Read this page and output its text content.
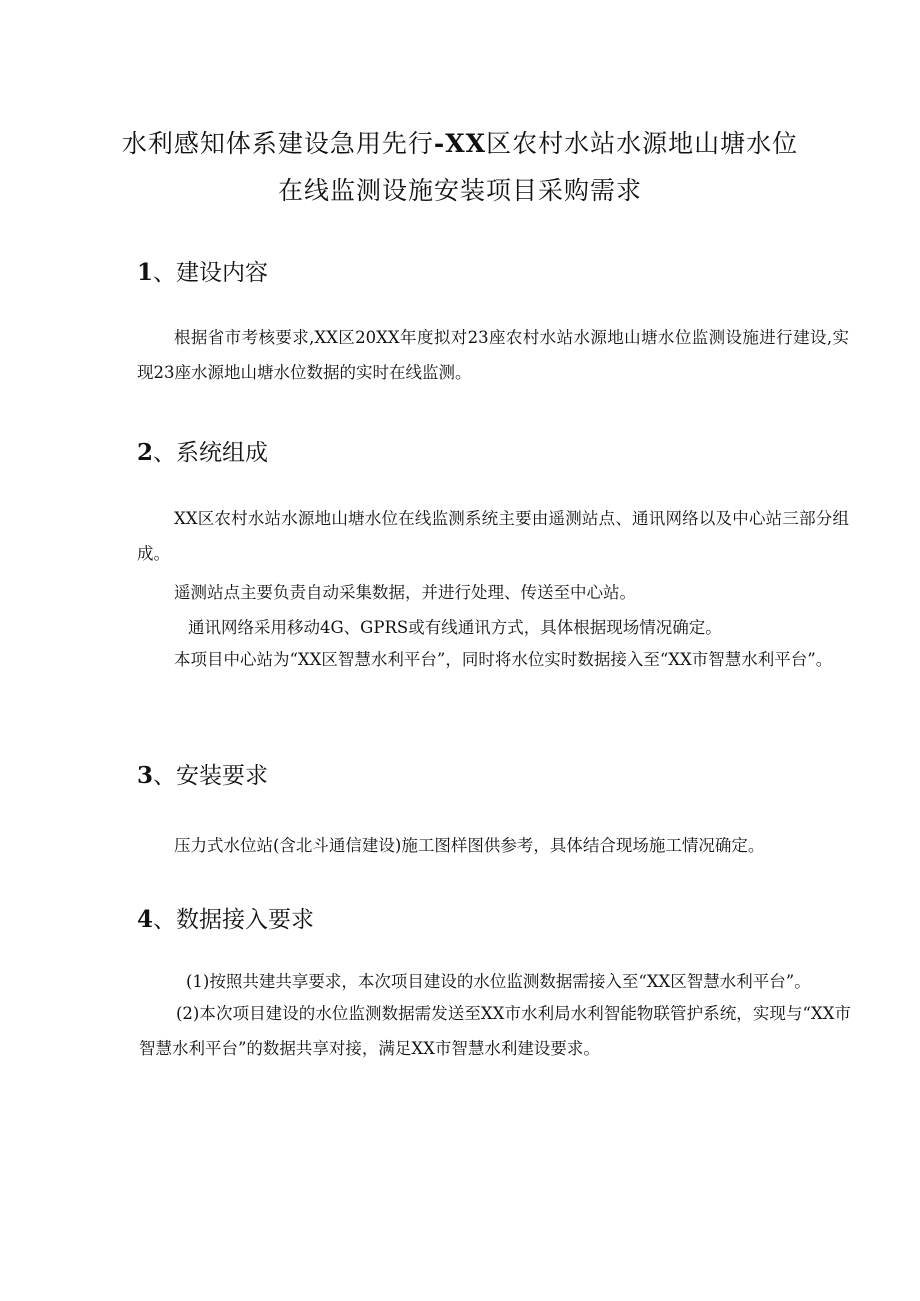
水利感知体系建设急用先行-XX区农村水站水源地山塘水位
在线监测设施安装项目采购需求
1、建设内容
根据省市考核要求,XX区20XX年度拟对23座农村水站水源地山塘水位监测设施进行建设,实现23座水源地山塘水位数据的实时在线监测。
2、系统组成
XX区农村水站水源地山塘水位在线监测系统主要由遥测站点、通讯网络以及中心站三部分组成。
遥测站点主要负责自动采集数据，并进行处理、传送至中心站。
通讯网络采用移动4G、GPRS或有线通讯方式，具体根据现场情况确定。
本项目中心站为“XX区智慧水利平台”，同时将水位实时数据接入至“XX市智慧水利平台”。
3、安装要求
压力式水位站(含北斗通信建设)施工图样图供参考，具体结合现场施工情况确定。
4、数据接入要求
(1)按照共建共享要求，本次项目建设的水位监测数据需接入至“XX区智慧水利平台”。
(2)本次项目建设的水位监测数据需发送至XX市水利局水利智能物联管护系统，实现与“XX市智慧水利平台”的数据共享对接，满足XX市智慧水利建设要求。
